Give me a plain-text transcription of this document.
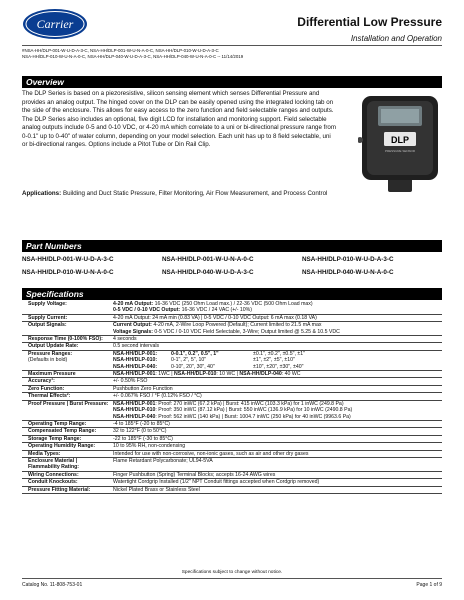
Carrier	Differential Low Pressure
Installation and Operation
#NSA-HH/DLP-001-W-U-D-A-3-C, NSA-HH/DLP-001-W-U-N-A-0-C, NSA-HH/DLP-010-W-U-D-A-3-C
NSA-HH/DLP-010-W-U-N-A-0-C, NSA-HH/DLP-040-W-U-D-A-3-C, NSA-HH/DLP-040-W-U-N-A-0-C -- 11/14/2019
Overview
The DLP Series is based on a piezoresistive, silicon sensing element which senses Differential Pressure and provides an analog output. The hinged cover on the DLP can be easily opened using the integrated locking tab on the side of the enclosure. This allows for easy access to the zero function and field selectable ranges and outputs. The DLP Series also includes an optional, five digit LCD for installation and monitoring support. Field selectable analog outputs include 0-5 and 0-10 VDC, or 4-20 mA which correlate to a uni or bi-directional pressure range from 0-0.1" up to 0-40" of water column, depending on your model selection. Each unit has up to 8 field selectable, uni or bi-directional ranges. Options include a Pitot Tube or Din Rail Clip.
Applications: Building and Duct Static Pressure, Filter Monitoring, Air Flow Measurement, and Process Control
DLP
PRESSURE SENSOR
Part Numbers
NSA-HH/DLP-001-W-U-D-A-3-C	NSA-HH/DLP-001-W-U-N-A-0-C	NSA-HH/DLP-010-W-U-D-A-3-C
NSA-HH/DLP-010-W-U-N-A-0-C	NSA-HH/DLP-040-W-U-D-A-3-C	NSA-HH/DLP-040-W-U-N-A-0-C
Specifications
Supply Voltage:	4-20 mA Output: 16-36 VDC (250 Ohm Load max.) / 22-36 VDC (500 Ohm Load max)
0-5 VDC / 0-10 VDC Output: 16-36 VDC / 24 VAC (+/- 10%)
Supply Current:	4-20 mA Output: 24 mA min (0.83 VA) | 0-5 VDC / 0-10 VDC Output: 6 mA max (0.18 VA)
Output Signals:	Current Output: 4-20 mA, 2-Wire Loop Powered (Default); Current limited to 21.5 mA max
Voltage Signals: 0-5 VDC / 0-10 VDC Field Selectable, 3-Wire; Output limited @ 5.25 & 10.5 VDC
Response Time (0-100% FSO):	4 seconds
Output Update Rate:	0.5 second intervals
Pressure Ranges:
(Defaults in bold)
NSA-HH/DLP-001:	0-0.1", 0.2", 0.5", 1"	±0.1", ±0.2", ±0.5", ±1"
NSA-HH/DLP-010:	0-1", 2", 5", 10"	±1", ±2", ±5", ±10"
NSA-HH/DLP-040:	0-10", 20", 30", 40"	±10", ±20", ±30", ±40"
Maximum Pressure	NSA-HH/DLP-001: 1WC | NSA-HH/DLP-010: 10 WC | NSA-HH/DLP-040: 40 WC
Accuracy¹:	+/- 0.50% FSO
Zero Function:	Pushbutton Zero Function
Thermal Effects²:	+/- 0.067% FSO / °F (0.12% FSO / °C)
Proof Pressure | Burst Pressure: NSA-HH/DLP-001: Proof: 270 inWC (67.2 kPa) | Burst: 415 inWC (103.3 kPa) for 1 inWC (249.8 Pa)
NSA-HH/DLP-010: Proof: 350 inWC (87.12 kPa) | Burst: 550 inWC (136.9 kPa) for 10 inWC (2490.8 Pa)
NSA-HH/DLP-040: Proof: 562 inWC (140 kPa) | Burst: 1004.7 inWC (250 kPa) for 40 inWC (9963.6 Pa)
Operating Temp Range:	-4 to 185°F (-20 to 85°C)
Compensated Temp Range:	32 to 122°F (0 to 50°C)
Storage Temp Range:	-22 to 185°F (-30 to 85°C)
Operating Humidity Range:	10 to 95% RH, non-condensing
Media Types:	Intended for use with non-corrosive, non-ionic gases, such as air and other dry gases
Enclosure Material | Flammability Rating:
Flame Retardant Polycarbonate; UL94-5VA
Wiring Connections:	Finger Pushbutton (Spring) Terminal Blocks; accepts 16-24 AWG wires
Conduit Knockouts:	Watertight Cordgrip Installed (1/2" NPT Conduit fittings accepted when Cordgrip removed)
Pressure Fitting Material:	Nickel Plated Brass or Stainless Steel
Specifications subject to change without notice.
Catalog No. 11-808-753-01	Page 1 of 9
